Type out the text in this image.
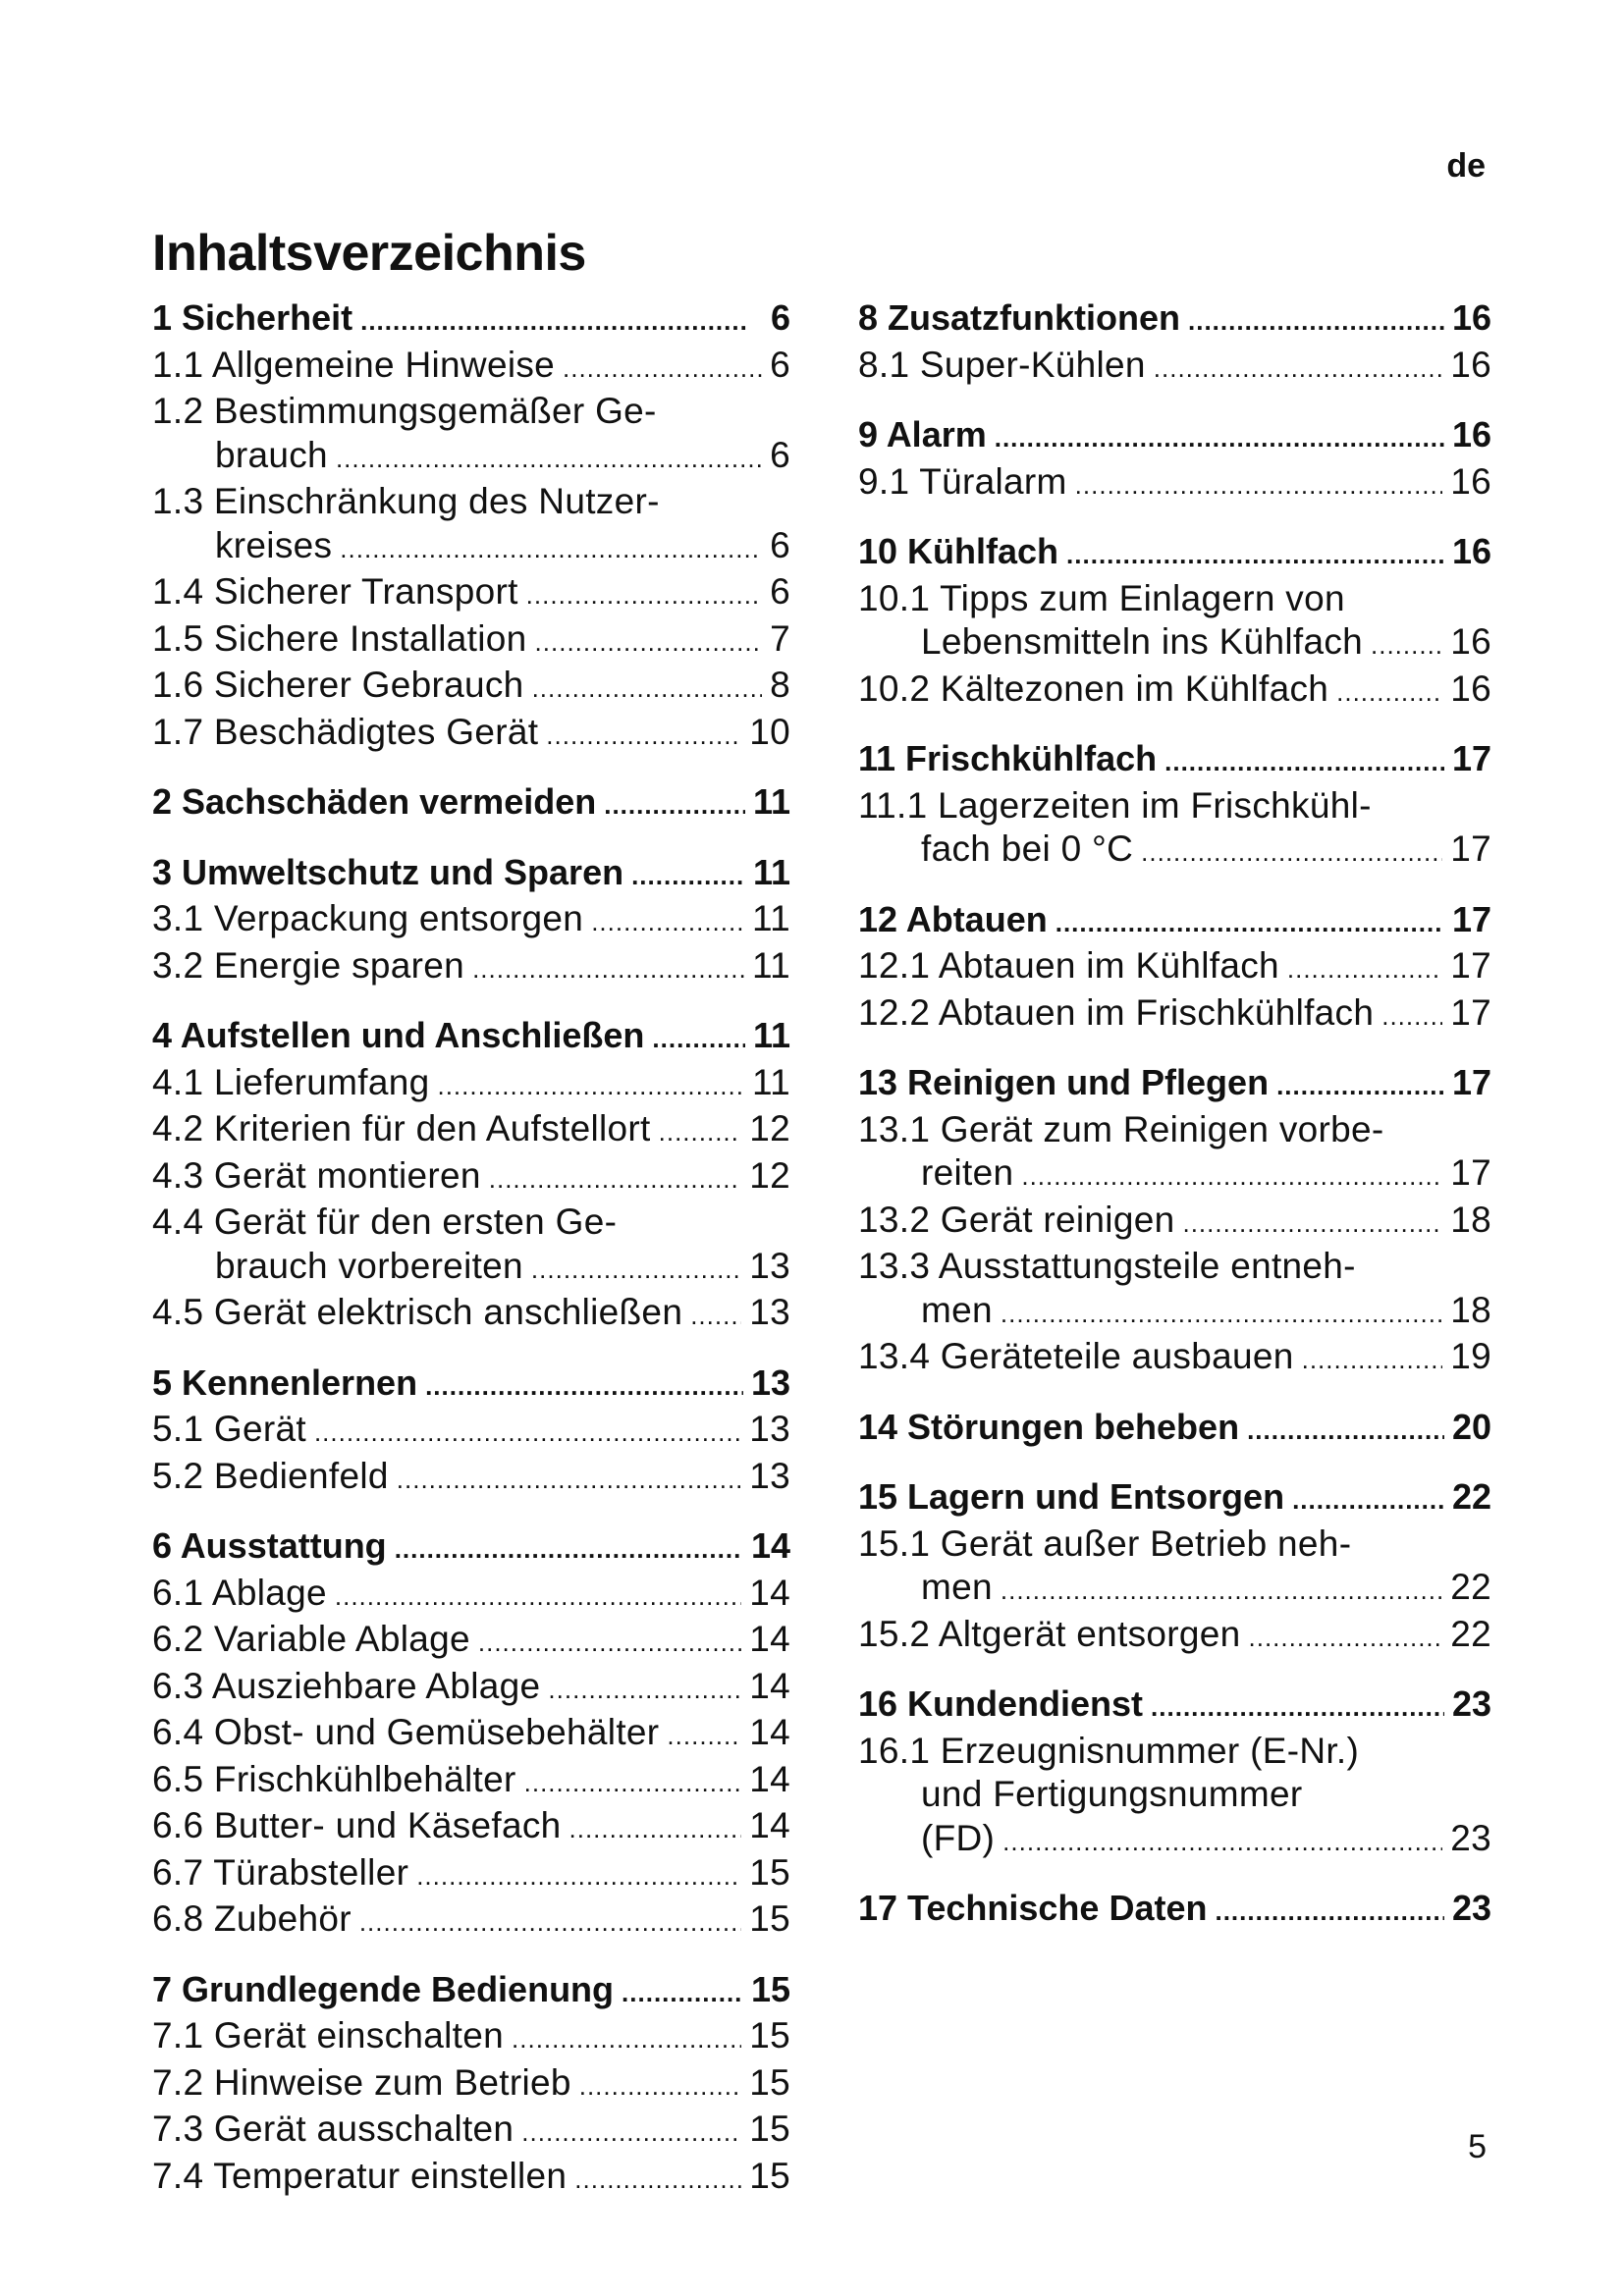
de
Inhaltsverzeichnis
1 Sicherheit .....	6
1.1 Allgemeine Hinweise .....	6
1.2 Bestimmungsgemäßer Ge-
brauch .....	6
1.3 Einschränkung des Nutzer-
kreises .....	6
1.4 Sicherer Transport .....	6
1.5 Sichere Installation .....	7
1.6 Sicherer Gebrauch .....	8
1.7 Beschädigtes Gerät .....	10
2 Sachschäden vermeiden .....	11
3 Umweltschutz und Sparen .....	11
3.1 Verpackung entsorgen .....	11
3.2 Energie sparen .....	11
4 Aufstellen und Anschließen .....	11
4.1 Lieferumfang .....	11
4.2 Kriterien für den Aufstellort .....	12
4.3 Gerät montieren .....	12
4.4 Gerät für den ersten Ge-
brauch vorbereiten .....	13
4.5 Gerät elektrisch anschließen ..... 13
5 Kennenlernen .....	13
5.1 Gerät .....	13
5.2 Bedienfeld .....	13
6 Ausstattung .....	14
6.1 Ablage .....	14
6.2 Variable Ablage .....	14
6.3 Ausziehbare Ablage .....	14
6.4 Obst- und Gemüsebehälter ..... 14
6.5 Frischkühlbehälter .....	14
6.6 Butter- und Käsefach .....	14
6.7 Türabsteller .....	15
6.8 Zubehör .....	15
7 Grundlegende Bedienung .....	15
7.1 Gerät einschalten .....	15
7.2 Hinweise zum Betrieb .....	15
7.3 Gerät ausschalten .....	15
7.4 Temperatur einstellen .....	15
8 Zusatzfunktionen .....	16
8.1 Super-Kühlen .....	16
9 Alarm .....	16
9.1 Türalarm .....	16
10 Kühlfach .....	16
10.1 Tipps zum Einlagern von
Lebensmitteln ins Kühlfach ..... 16
10.2 Kältezonen im Kühlfach .....	16
11 Frischkühlfach .....	17
11.1 Lagerzeiten im Frischkühl-
fach bei 0 °C .....	17
12 Abtauen .....	17
12.1 Abtauen im Kühlfach .....	17
12.2 Abtauen im Frischkühlfach ..... 17
13 Reinigen und Pflegen .....	17
13.1 Gerät zum Reinigen vorbe-
reiten .....	17
13.2 Gerät reinigen .....	18
13.3 Ausstattungsteile entneh-
men .....	18
13.4 Geräteteile ausbauen .....	19
14 Störungen beheben .....	20
15 Lagern und Entsorgen .....	22
15.1 Gerät außer Betrieb neh-
men .....	22
15.2 Altgerät entsorgen .....	22
16 Kundendienst .....	23
16.1 Erzeugnisnummer (E-Nr.)
und Fertigungsnummer
(FD) .....	23
17 Technische Daten .....	23
5
